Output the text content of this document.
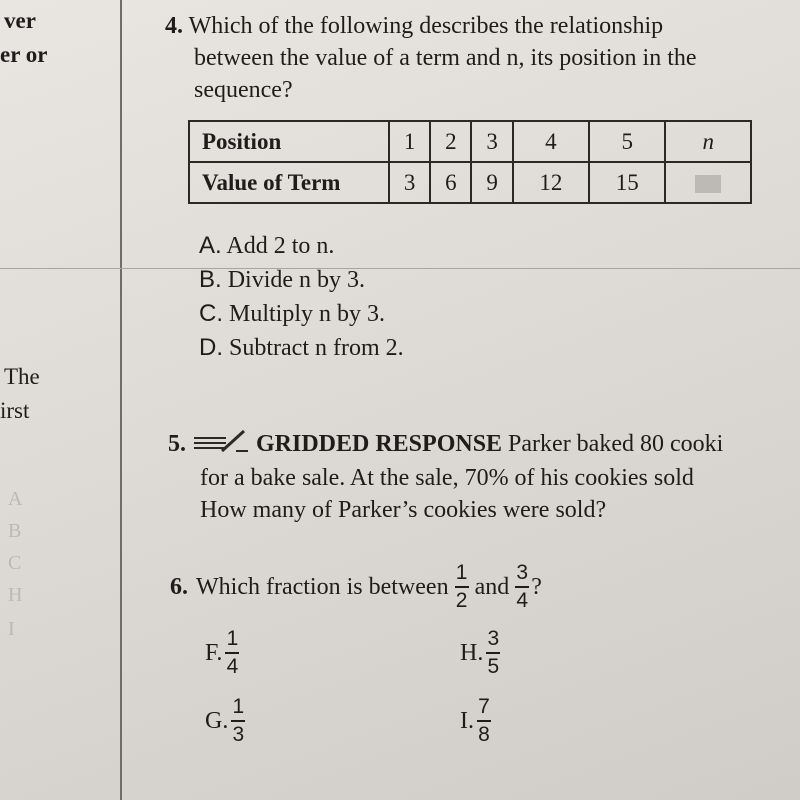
ver
er or
The
irst
A
B
C
H
I
4. Which of the following describes the relationship
between the value of a term and n, its position in the
sequence?
Position	1	2	3	4	5	n
Value of Term	3	6	9	12	15	
A. Add 2 to n.
B. Divide n by 3.
C. Multiply n by 3.
D. Subtract n from 2.
5.	GRIDDED RESPONSE Parker baked 80 cooki
for a bake sale. At the sale, 70% of his cookies sold
How many of Parker’s cookies were sold?
6. Which fraction is between $\frac{1}{2}$ and $\frac{3}{4}$ ?
F. $\frac{1}{4}$
G. $\frac{1}{3}$
H. $\frac{3}{5}$
I. $\frac{7}{8}$
